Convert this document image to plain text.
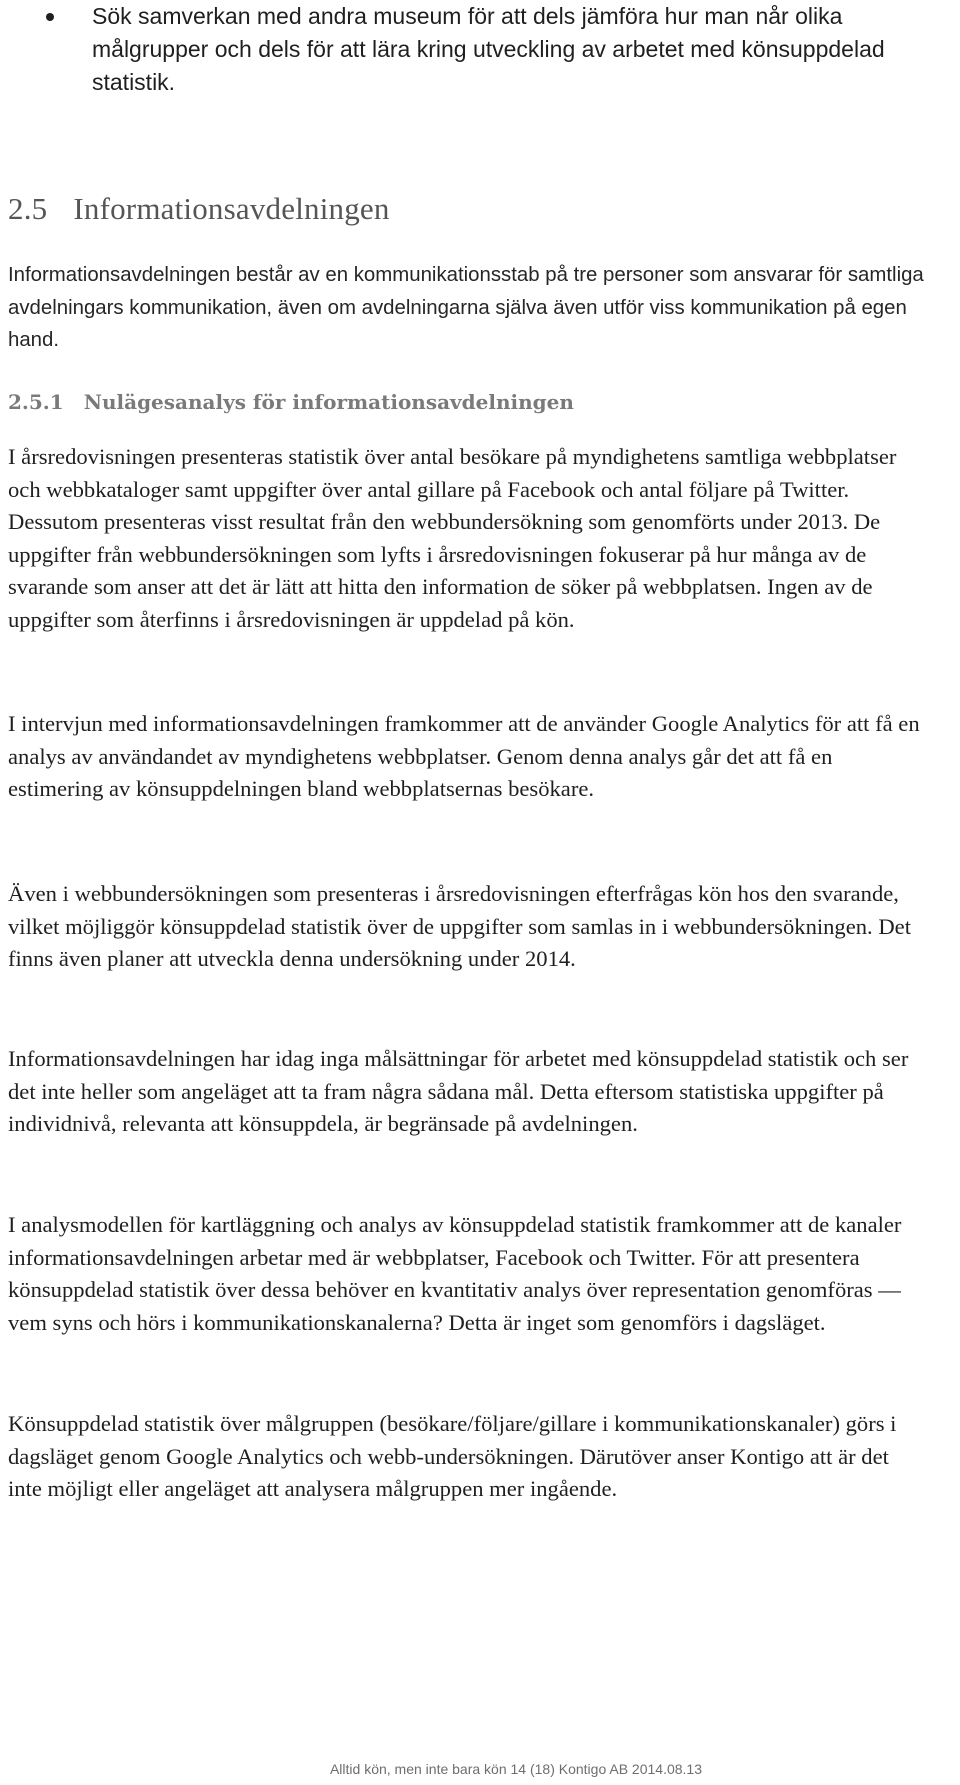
Sök samverkan med andra museum för att dels jämföra hur man når olika målgrupper och dels för att lära kring utveckling av arbetet med könsuppdelad statistik.
2.5 Informationsavdelningen

Informationsavdelningen består av en kommunikationsstab på tre personer som ansvarar för samtliga avdelningars kommunikation, även om avdelningarna själva även utför viss kommunikation på egen hand.

2.5.1 Nulägesanalys för informationsavdelningen

I årsredovisningen presenteras statistik över antal besökare på myndighetens samtliga webbplatser och webbkataloger samt uppgifter över antal gillare på Facebook och antal följare på Twitter. Dessutom presenteras visst resultat från den webbundersökning som genomförts under 2013. De uppgifter från webbundersökningen som lyfts i årsredovisningen fokuserar på hur många av de svarande som anser att det är lätt att hitta den information de söker på webbplatsen. Ingen av de uppgifter som återfinns i årsredovisningen är uppdelad på kön.

I intervjun med informationsavdelningen framkommer att de använder Google Analytics för att få en analys av användandet av myndighetens webbplatser. Genom denna analys går det att få en estimering av könsuppdelningen bland webbplatsernas besökare.

Även i webbundersökningen som presenteras i årsredovisningen efterfrågas kön hos den svarande, vilket möjliggör könsuppdelad statistik över de uppgifter som samlas in i webbundersökningen. Det finns även planer att utveckla denna undersökning under 2014.

Informationsavdelningen har idag inga målsättningar för arbetet med könsuppdelad statistik och ser det inte heller som angeläget att ta fram några sådana mål. Detta eftersom statistiska uppgifter på individnivå, relevanta att könsuppdela, är begränsade på avdelningen.

I analysmodellen för kartläggning och analys av könsuppdelad statistik framkommer att de kanaler informationsavdelningen arbetar med är webbplatser, Facebook och Twitter. För att presentera könsuppdelad statistik över dessa behöver en kvantitativ analys över representation genomföras — vem syns och hörs i kommunikationskanalerna? Detta är inget som genomförs i dagsläget.

Könsuppdelad statistik över målgruppen (besökare/följare/gillare i kommunikationskanaler) görs i dagsläget genom Google Analytics och webb-undersökningen. Därutöver anser Kontigo att är det inte möjligt eller angeläget att analysera målgruppen mer ingående.

Alltid kön, men inte bara kön 14 (18) Kontigo AB 2014.08.13
